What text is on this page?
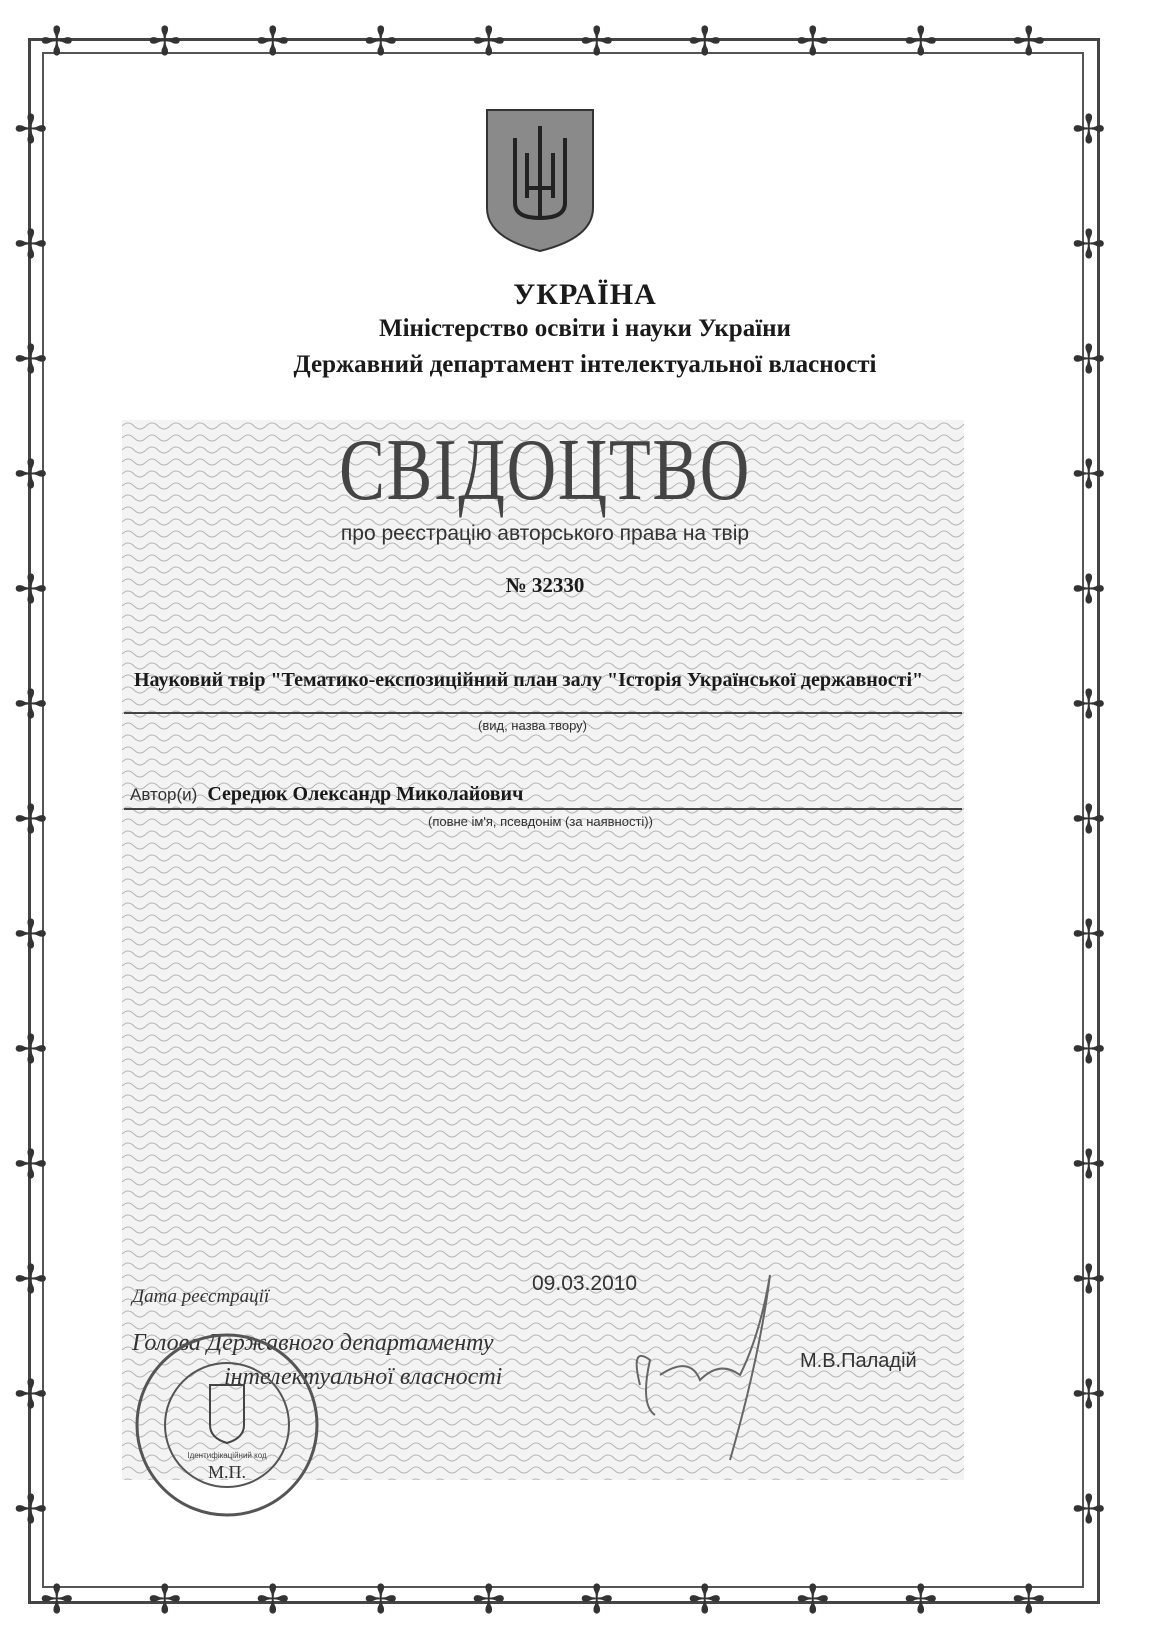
✢
✢
✢
✢
✢
✢
✢
✢
✢
✢
✢
✢
✢
✢
✢
✢
✢
✢
✢
✢
✢	✢
✢	✢
✢	✢
✢	✢
✢	✢
✢	✢
✢	✢
✢	✢
✢	✢
✢	✢
✢	✢
✢	✢
✢	✢
УКРАЇНА
Міністерство освіти і науки України
Державний департамент інтелектуальної власності
СВІДОЦТВО
про реєстрацію авторського права на твір
№ 32330
Науковий твір "Тематико-експозиційний план залу "Історія Української державності"
(вид, назва твору)
Автор(и) Середюк Олександр Миколайович
(повне ім'я, псевдонім (за наявності))
Дата реєстрації
09.03.2010
Голова Державного департаменту
інтелектуальної власності
М.В.Паладій
Ідентифікаційний код
М.П.
